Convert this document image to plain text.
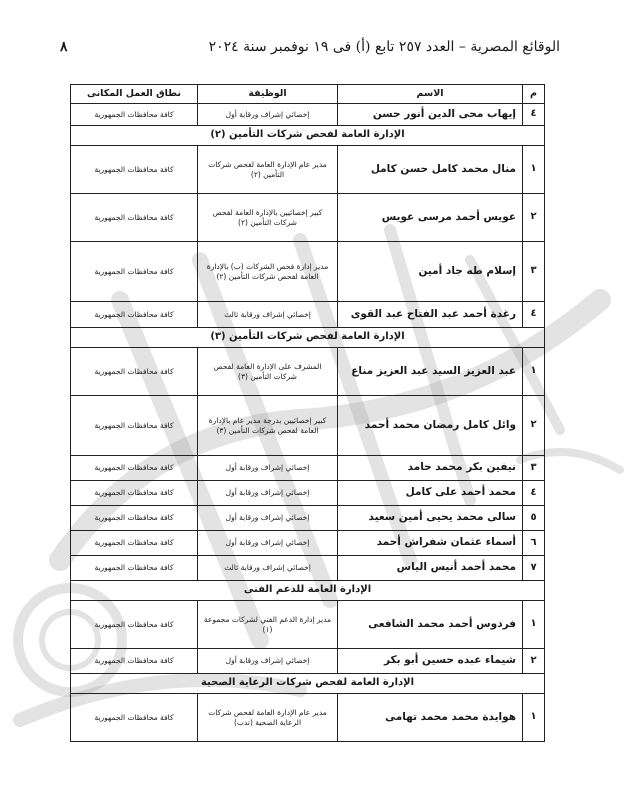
٨	الوقائع المصرية – العدد ٢٥٧ تابع (أ) فى ١٩ نوفمبر سنة ٢٠٢٤
م	الاسم	الوظيفة	نطاق العمل المكانى
٤	إيهاب محى الدين أنور حسن	إخصائي إشراف ورقابة أول	كافة محافظات الجمهورية
الإدارة العامة لفحص شركات التأمين (٢)			
١	منال محمد كامل حسن كامل	مدير عام الإدارة العامة لفحص شركات التأمين (٢)	كافة محافظات الجمهورية
٢	عويس أحمد مرسى عويس	كبير إخصائيين بالإدارة العامة لفحص شركات التأمين (٢)	كافة محافظات الجمهورية
٣	إسلام طه جاد أمين	مدير إدارة فحص الشركات (ب) بالإدارة العامة لفحص شركات التأمين (٢)	كافة محافظات الجمهورية
٤	رغدة أحمد عبد الفتاح عبد القوى	إخصائي إشراف ورقابة ثالث	كافة محافظات الجمهورية
الإدارة العامة لفحص شركات التأمين (٣)			
١	عبد العزيز السيد عبد العزيز مناع	المشرف على الإدارة العامة لفحص شركات التأمين (٣)	كافة محافظات الجمهورية
٢	وائل كامل رمضان محمد أحمد	كبير إخصائيين بدرجة مدير عام بالإدارة العامة لفحص شركات التأمين (٣)	كافة محافظات الجمهورية
٣	نيفين بكر محمد حامد	إخصائي إشراف ورقابة أول	كافة محافظات الجمهورية
٤	محمد أحمد على كامل	إخصائي إشراف ورقابة أول	كافة محافظات الجمهورية
٥	سالى محمد يحيى أمين سعيد	إخصائي إشراف ورقابة أول	كافة محافظات الجمهورية
٦	أسماء عثمان شفراش أحمد	إخصائي إشراف ورقابة أول	كافة محافظات الجمهورية
٧	محمد أحمد أنيس الياس	إخصائي إشراف ورقابة ثالث	كافة محافظات الجمهورية
الإدارة العامة للدعم الفنى			
١	فردوس أحمد محمد الشافعى	مدير إدارة الدعم الفني لشركات مجموعة (١)	كافة محافظات الجمهورية
٢	شيماء عبده حسين أبو بكر	إخصائي إشراف ورقابة أول	كافة محافظات الجمهورية
الإدارة العامة لفحص شركات الرعاية الصحية			
١	هوايدة محمد محمد تهامى	مدير عام الإدارة العامة لفحص شركات الرعاية الصحية (تدب)	كافة محافظات الجمهورية
